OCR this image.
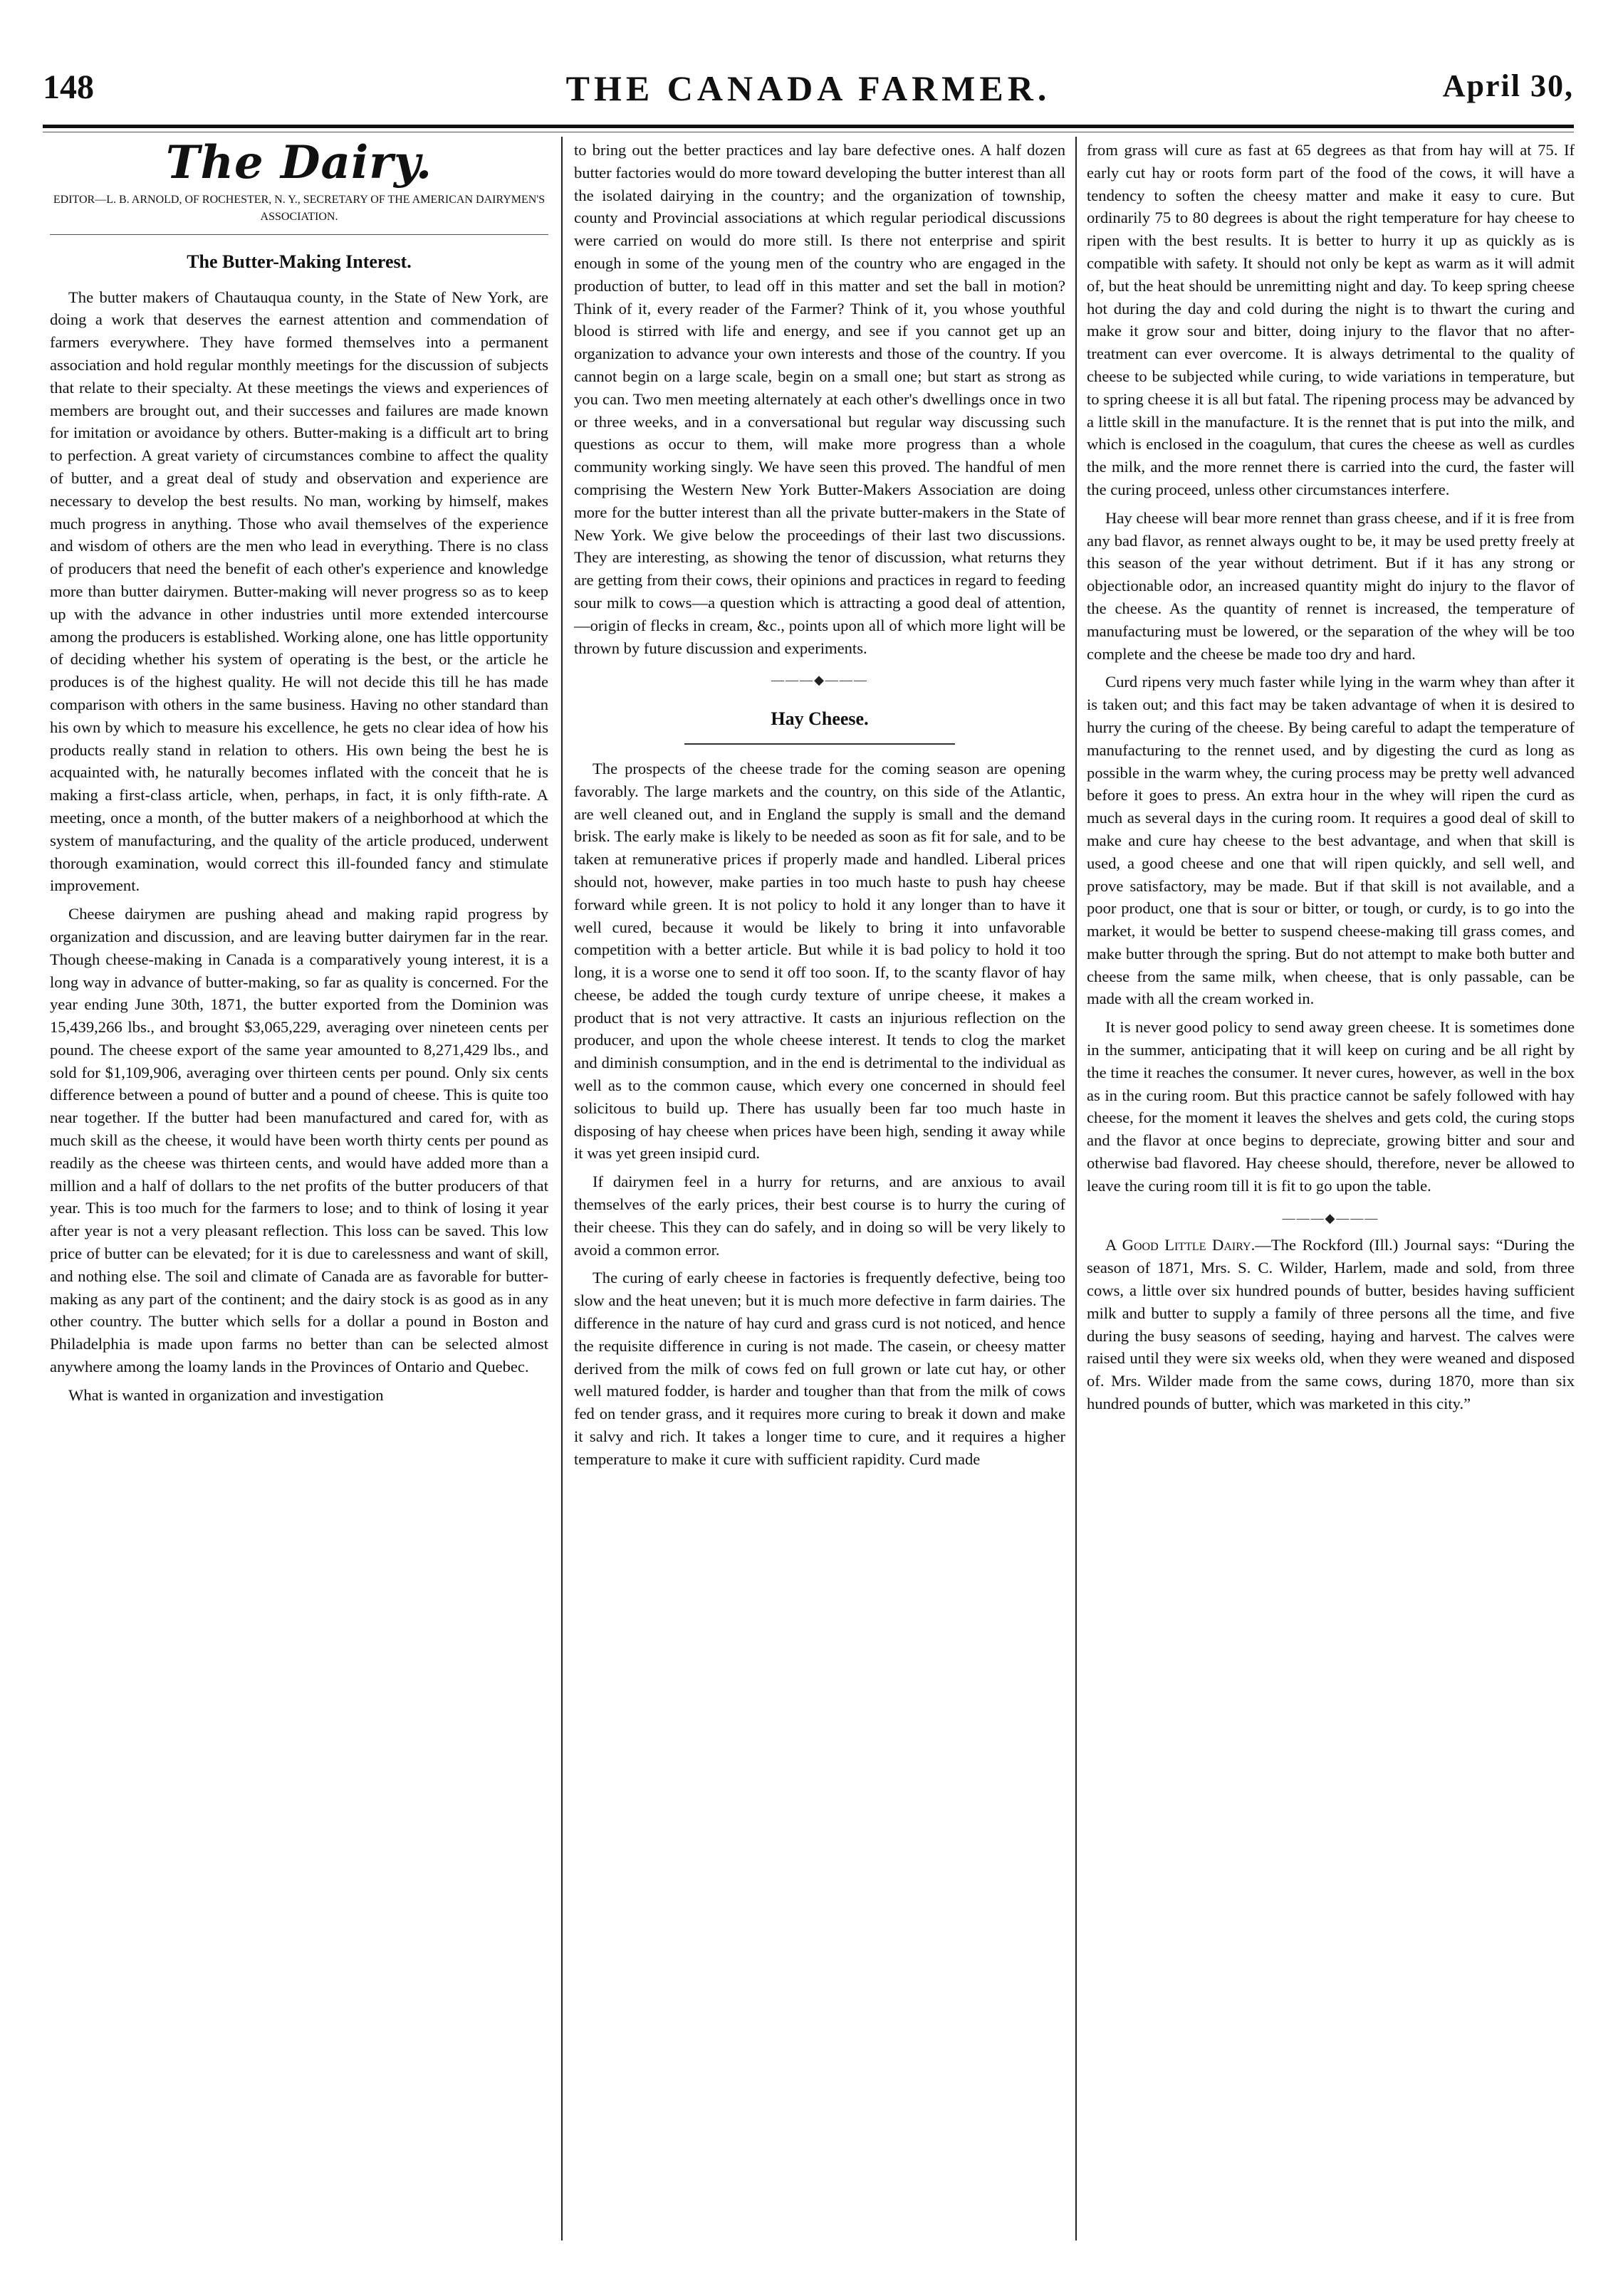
148	THE CANADA FARMER.	April 30,
The Dairy.
EDITOR—L. B. ARNOLD, OF ROCHESTER, N. Y., SECRETARY OF THE AMERICAN DAIRYMEN'S ASSOCIATION.
The Butter-Making Interest.

The butter makers of Chautauqua county, in the State of New York, are doing a work that deserves the earnest attention and commendation of farmers everywhere. They have formed themselves into a permanent association and hold regular monthly meetings for the discussion of subjects that relate to their specialty. At these meetings the views and experiences of members are brought out, and their successes and failures are made known for imitation or avoidance by others. Butter-making is a difficult art to bring to perfection. A great variety of circumstances combine to affect the quality of butter, and a great deal of study and observation and experience are necessary to develop the best results. No man, working by himself, makes much progress in anything. Those who avail themselves of the experience and wisdom of others are the men who lead in everything. There is no class of producers that need the benefit of each other's experience and knowledge more than butter dairymen. Butter-making will never progress so as to keep up with the advance in other industries until more extended intercourse among the producers is established. Working alone, one has little opportunity of deciding whether his system of operating is the best, or the article he produces is of the highest quality. He will not decide this till he has made comparison with others in the same business. Having no other standard than his own by which to measure his excellence, he gets no clear idea of how his products really stand in relation to others. His own being the best he is acquainted with, he naturally becomes inflated with the conceit that he is making a first-class article, when, perhaps, in fact, it is only fifth-rate. A meeting, once a month, of the butter makers of a neighborhood at which the system of manufacturing, and the quality of the article produced, underwent thorough examination, would correct this ill-founded fancy and stimulate improvement.

Cheese dairymen are pushing ahead and making rapid progress by organization and discussion, and are leaving butter dairymen far in the rear. Though cheese-making in Canada is a comparatively young interest, it is a long way in advance of butter-making, so far as quality is concerned. For the year ending June 30th, 1871, the butter exported from the Dominion was 15,439,266 lbs., and brought $3,065,229, averaging over nineteen cents per pound. The cheese export of the same year amounted to 8,271,429 lbs., and sold for $1,109,906, averaging over thirteen cents per pound. Only six cents difference between a pound of butter and a pound of cheese. This is quite too near together. If the butter had been manufactured and cared for, with as much skill as the cheese, it would have been worth thirty cents per pound as readily as the cheese was thirteen cents, and would have added more than a million and a half of dollars to the net profits of the butter producers of that year. This is too much for the farmers to lose; and to think of losing it year after year is not a very pleasant reflection. This loss can be saved. This low price of butter can be elevated; for it is due to carelessness and want of skill, and nothing else. The soil and climate of Canada are as favorable for butter-making as any part of the continent; and the dairy stock is as good as in any other country. The butter which sells for a dollar a pound in Boston and Philadelphia is made upon farms no better than can be selected almost anywhere among the loamy lands in the Provinces of Ontario and Quebec.

What is wanted in organization and investigation

to bring out the better practices and lay bare defective ones. A half dozen butter factories would do more toward developing the butter interest than all the isolated dairying in the country; and the organization of township, county and Provincial associations at which regular periodical discussions were carried on would do more still. Is there not enterprise and spirit enough in some of the young men of the country who are engaged in the production of butter, to lead off in this matter and set the ball in motion? Think of it, every reader of the Farmer? Think of it, you whose youthful blood is stirred with life and energy, and see if you cannot get up an organization to advance your own interests and those of the country. If you cannot begin on a large scale, begin on a small one; but start as strong as you can. Two men meeting alternately at each other's dwellings once in two or three weeks, and in a conversational but regular way discussing such questions as occur to them, will make more progress than a whole community working singly. We have seen this proved. The handful of men comprising the Western New York Butter-Makers Association are doing more for the butter interest than all the private butter-makers in the State of New York. We give below the proceedings of their last two discussions. They are interesting, as showing the tenor of discussion, what returns they are getting from their cows, their opinions and practices in regard to feeding sour milk to cows—a question which is attracting a good deal of attention, —origin of flecks in cream, &c., points upon all of which more light will be thrown by future discussion and experiments.

———◆———
Hay Cheese.

The prospects of the cheese trade for the coming season are opening favorably. The large markets and the country, on this side of the Atlantic, are well cleaned out, and in England the supply is small and the demand brisk. The early make is likely to be needed as soon as fit for sale, and to be taken at remunerative prices if properly made and handled. Liberal prices should not, however, make parties in too much haste to push hay cheese forward while green. It is not policy to hold it any longer than to have it well cured, because it would be likely to bring it into unfavorable competition with a better article. But while it is bad policy to hold it too long, it is a worse one to send it off too soon. If, to the scanty flavor of hay cheese, be added the tough curdy texture of unripe cheese, it makes a product that is not very attractive. It casts an injurious reflection on the producer, and upon the whole cheese interest. It tends to clog the market and diminish consumption, and in the end is detrimental to the individual as well as to the common cause, which every one concerned in should feel solicitous to build up. There has usually been far too much haste in disposing of hay cheese when prices have been high, sending it away while it was yet green insipid curd.

If dairymen feel in a hurry for returns, and are anxious to avail themselves of the early prices, their best course is to hurry the curing of their cheese. This they can do safely, and in doing so will be very likely to avoid a common error.

The curing of early cheese in factories is frequently defective, being too slow and the heat uneven; but it is much more defective in farm dairies. The difference in the nature of hay curd and grass curd is not noticed, and hence the requisite difference in curing is not made. The casein, or cheesy matter derived from the milk of cows fed on full grown or late cut hay, or other well matured fodder, is harder and tougher than that from the milk of cows fed on tender grass, and it requires more curing to break it down and make it salvy and rich. It takes a longer time to cure, and it requires a higher temperature to make it cure with sufficient rapidity. Curd made

from grass will cure as fast at 65 degrees as that from hay will at 75. If early cut hay or roots form part of the food of the cows, it will have a tendency to soften the cheesy matter and make it easy to cure. But ordinarily 75 to 80 degrees is about the right temperature for hay cheese to ripen with the best results. It is better to hurry it up as quickly as is compatible with safety. It should not only be kept as warm as it will admit of, but the heat should be unremitting night and day. To keep spring cheese hot during the day and cold during the night is to thwart the curing and make it grow sour and bitter, doing injury to the flavor that no after-treatment can ever overcome. It is always detrimental to the quality of cheese to be subjected while curing, to wide variations in temperature, but to spring cheese it is all but fatal. The ripening process may be advanced by a little skill in the manufacture. It is the rennet that is put into the milk, and which is enclosed in the coagulum, that cures the cheese as well as curdles the milk, and the more rennet there is carried into the curd, the faster will the curing proceed, unless other circumstances interfere.

Hay cheese will bear more rennet than grass cheese, and if it is free from any bad flavor, as rennet always ought to be, it may be used pretty freely at this season of the year without detriment. But if it has any strong or objectionable odor, an increased quantity might do injury to the flavor of the cheese. As the quantity of rennet is increased, the temperature of manufacturing must be lowered, or the separation of the whey will be too complete and the cheese be made too dry and hard.

Curd ripens very much faster while lying in the warm whey than after it is taken out; and this fact may be taken advantage of when it is desired to hurry the curing of the cheese. By being careful to adapt the temperature of manufacturing to the rennet used, and by digesting the curd as long as possible in the warm whey, the curing process may be pretty well advanced before it goes to press. An extra hour in the whey will ripen the curd as much as several days in the curing room. It requires a good deal of skill to make and cure hay cheese to the best advantage, and when that skill is used, a good cheese and one that will ripen quickly, and sell well, and prove satisfactory, may be made. But if that skill is not available, and a poor product, one that is sour or bitter, or tough, or curdy, is to go into the market, it would be better to suspend cheese-making till grass comes, and make butter through the spring. But do not attempt to make both butter and cheese from the same milk, when cheese, that is only passable, can be made with all the cream worked in.

It is never good policy to send away green cheese. It is sometimes done in the summer, anticipating that it will keep on curing and be all right by the time it reaches the consumer. It never cures, however, as well in the box as in the curing room. But this practice cannot be safely followed with hay cheese, for the moment it leaves the shelves and gets cold, the curing stops and the flavor at once begins to depreciate, growing bitter and sour and otherwise bad flavored. Hay cheese should, therefore, never be allowed to leave the curing room till it is fit to go upon the table.

———◆———

A Good Little Dairy.—The Rockford (Ill.) Journal says: “During the season of 1871, Mrs. S. C. Wilder, Harlem, made and sold, from three cows, a little over six hundred pounds of butter, besides having sufficient milk and butter to supply a family of three persons all the time, and five during the busy seasons of seeding, haying and harvest. The calves were raised until they were six weeks old, when they were weaned and disposed of. Mrs. Wilder made from the same cows, during 1870, more than six hundred pounds of butter, which was marketed in this city.”
